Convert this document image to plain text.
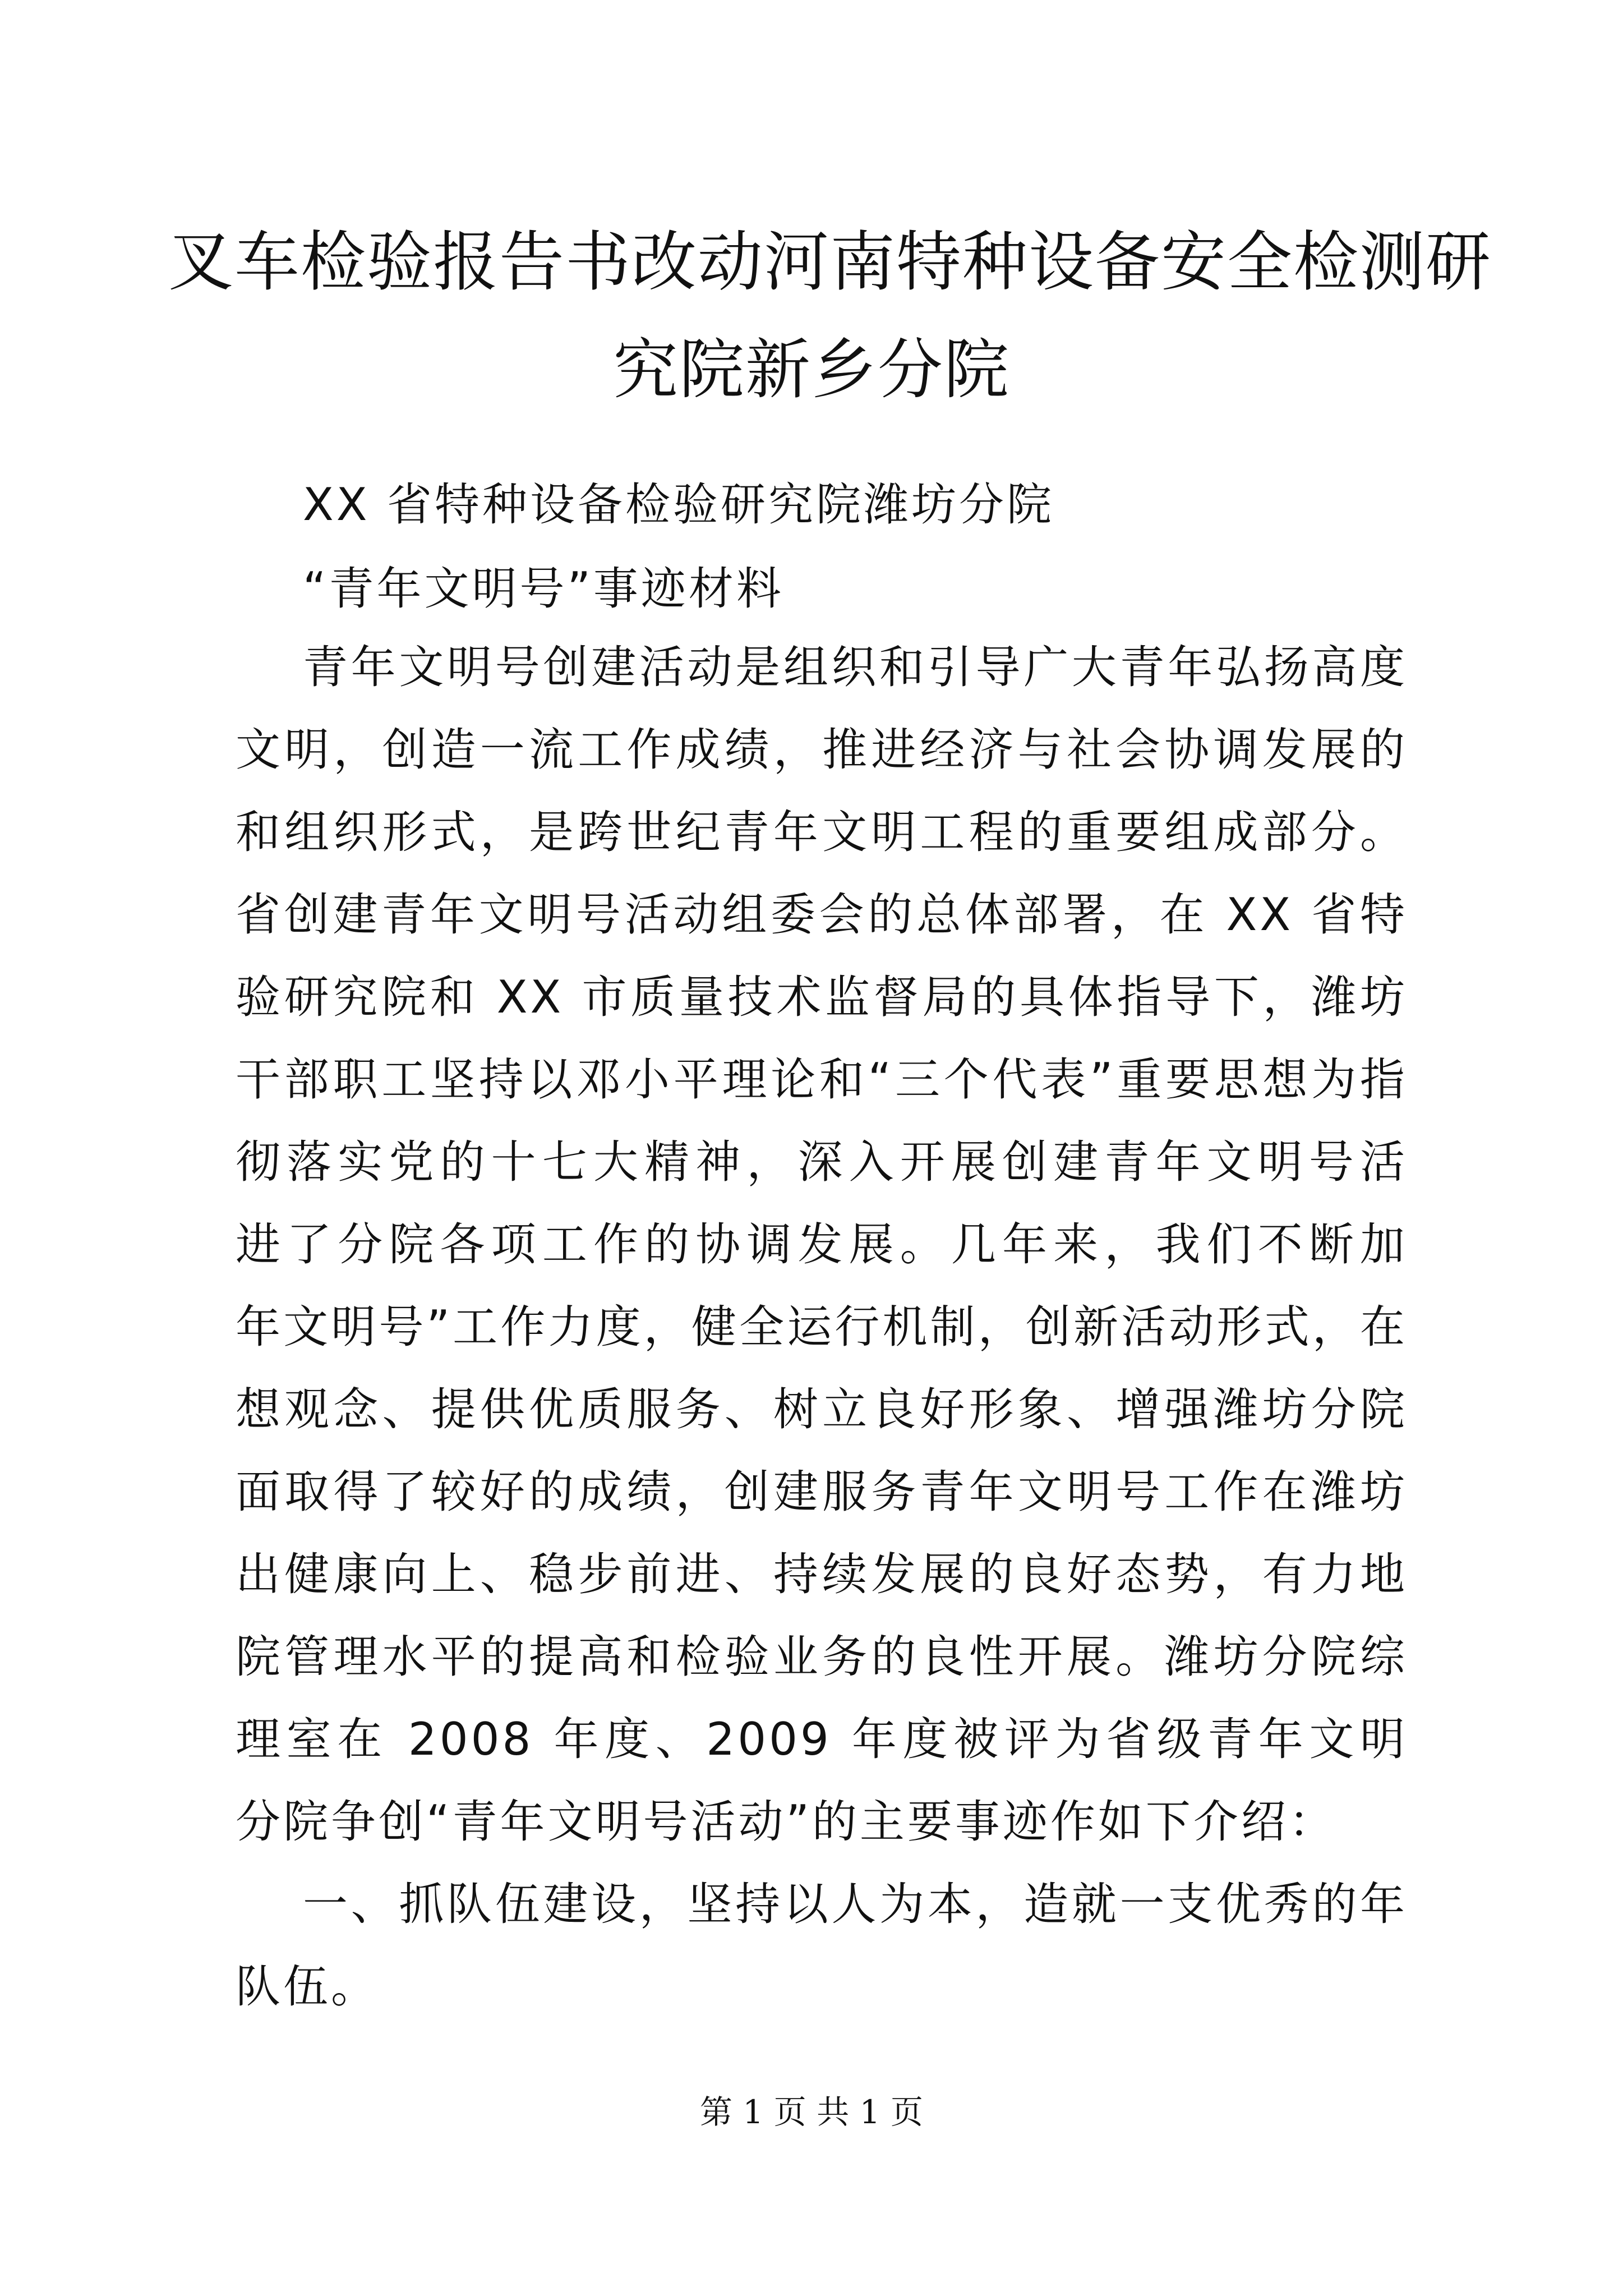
叉车检验报告书改动河南特种设备安全检测研
究院新乡分院
XX 省特种设备检验研究院潍坊分院
“青年文明号”事迹材料
青年文明号创建活动是组织和引导广大青年弘扬高度
文明，创造一流工作成绩，推进经济与社会协调发展的
和组织形式，是跨世纪青年文明工程的重要组成部分。
省创建青年文明号活动组委会的总体部署，在 XX 省特
验研究院和 XX 市质量技术监督局的具体指导下，潍坊
干部职工坚持以邓小平理论和“三个代表”重要思想为指
彻落实党的十七大精神，深入开展创建青年文明号活
进了分院各项工作的协调发展。几年来，我们不断加
年文明号”工作力度，健全运行机制，创新活动形式，在
想观念、提供优质服务、树立良好形象、增强潍坊分院
面取得了较好的成绩，创建服务青年文明号工作在潍坊
出健康向上、稳步前进、持续发展的良好态势，有力地
院管理水平的提高和检验业务的良性开展。潍坊分院综
理室在 2008 年度、2009 年度被评为省级青年文明
分院争创“青年文明号活动”的主要事迹作如下介绍：
一、抓队伍建设，坚持以人为本，造就一支优秀的年
队伍。
第 1 页 共 1 页
